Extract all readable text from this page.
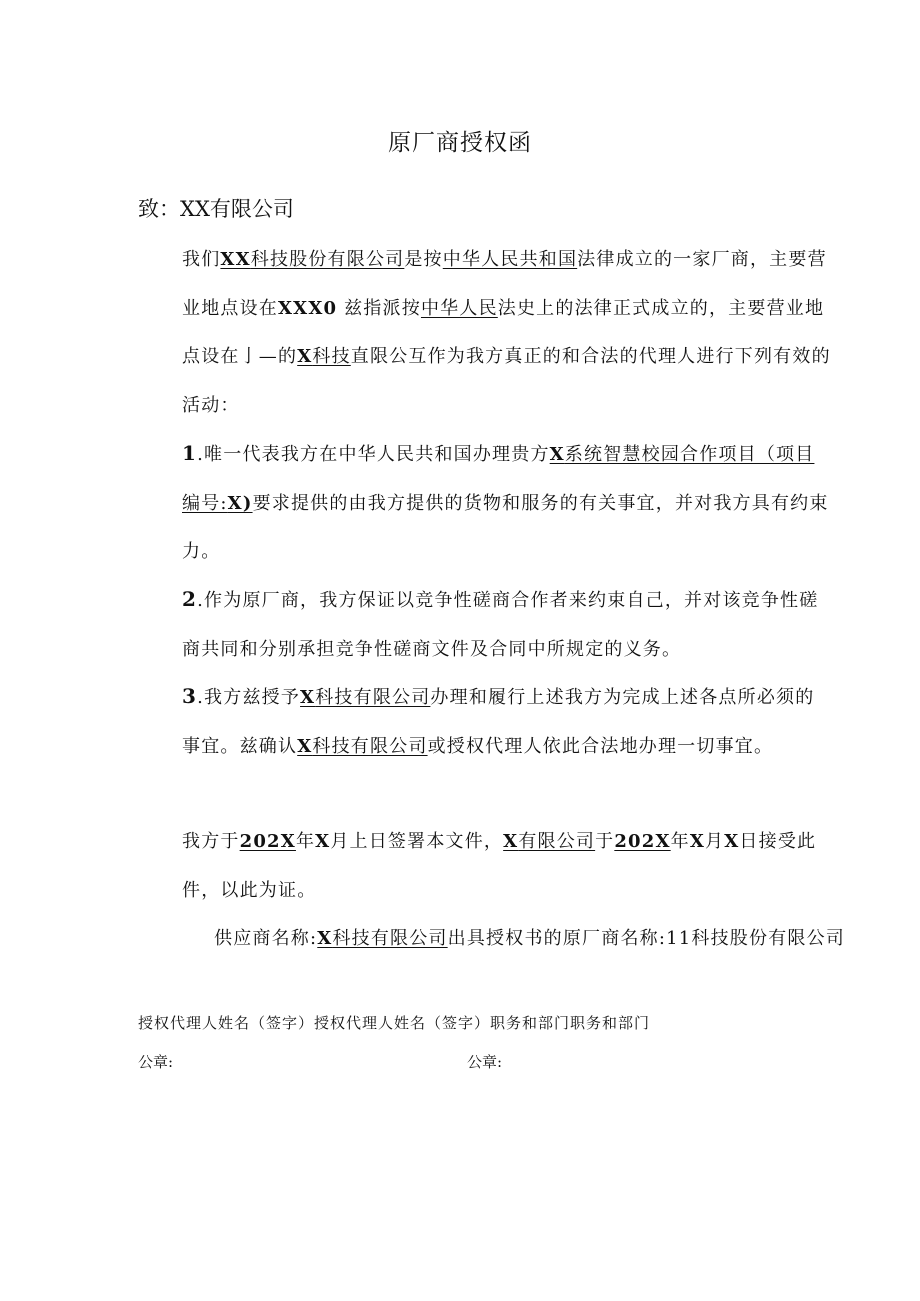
原厂商授权函
致：XX有限公司
我们XX科技股份有限公司是按中华人民共和国法律成立的一家厂商，主要营业地点设在XXX0 兹指派按中华人民法史上的法律正式成立的，主要营业地点设在亅—的X科技直限公互作为我方真正的和合法的代理人进行下列有效的活动：
1.唯一代表我方在中华人民共和国办理贵方X系统智慧校园合作项目（项目编号:X)要求提供的由我方提供的货物和服务的有关事宜，并对我方具有约束力。
2.作为原厂商，我方保证以竞争性磋商合作者来约束自己，并对该竞争性磋商共同和分别承担竞争性磋商文件及合同中所规定的义务。
3.我方兹授予X科技有限公司办理和履行上述我方为完成上述各点所必须的事宜。兹确认X科技有限公司或授权代理人依此合法地办理一切事宜。
我方于202X年X月上日签署本文件，X有限公司于202X年X月X日接受此件，以此为证。
供应商名称:X科技有限公司出具授权书的原厂商名称:11科技股份有限公司
授权代理人姓名（签字）授权代理人姓名（签字）职务和部门职务和部门
公章:	公章:
